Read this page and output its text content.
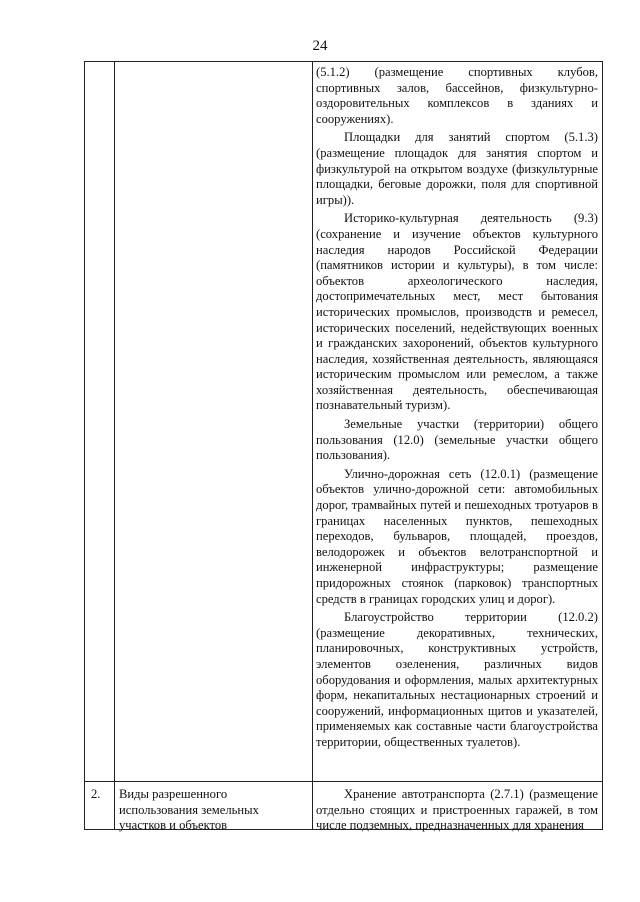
24

(5.1.2) (размещение спортивных клубов, спортивных залов, бассейнов, физкультурно-оздоровительных комплексов в зданиях и сооружениях).

Площадки для занятий спортом (5.1.3) (размещение площадок для занятия спортом и физкультурой на открытом воздухе (физкультурные площадки, беговые дорожки, поля для спортивной игры)).

Историко-культурная деятельность (9.3) (сохранение и изучение объектов культурного наследия народов Российской Федерации (памятников истории и культуры), в том числе: объектов археологического наследия, достопримечательных мест, мест бытования исторических промыслов, производств и ремесел, исторических поселений, недействующих военных и гражданских захоронений, объектов культурного наследия, хозяйственная деятельность, являющаяся историческим промыслом или ремеслом, а также хозяйственная деятельность, обеспечивающая познавательный туризм).

Земельные участки (территории) общего пользования (12.0) (земельные участки общего пользования).

Улично-дорожная сеть (12.0.1) (размещение объектов улично-дорожной сети: автомобильных дорог, трамвайных путей и пешеходных тротуаров в границах населенных пунктов, пешеходных переходов, бульваров, площадей, проездов, велодорожек и объектов велотранспортной и инженерной инфраструктуры; размещение придорожных стоянок (парковок) транспортных средств в границах городских улиц и дорог).

Благоустройство территории (12.0.2) (размещение декоративных, технических, планировочных, конструктивных устройств, элементов озеленения, различных видов оборудования и оформления, малых архитектурных форм, некапитальных нестационарных строений и сооружений, информационных щитов и указателей, применяемых как составные части благоустройства территории, общественных туалетов).

2. Виды разрешенного использования земельных участков и объектов
Хранение автотранспорта (2.7.1) (размещение отдельно стоящих и пристроенных гаражей, в том числе подземных, предназначенных для хранения
